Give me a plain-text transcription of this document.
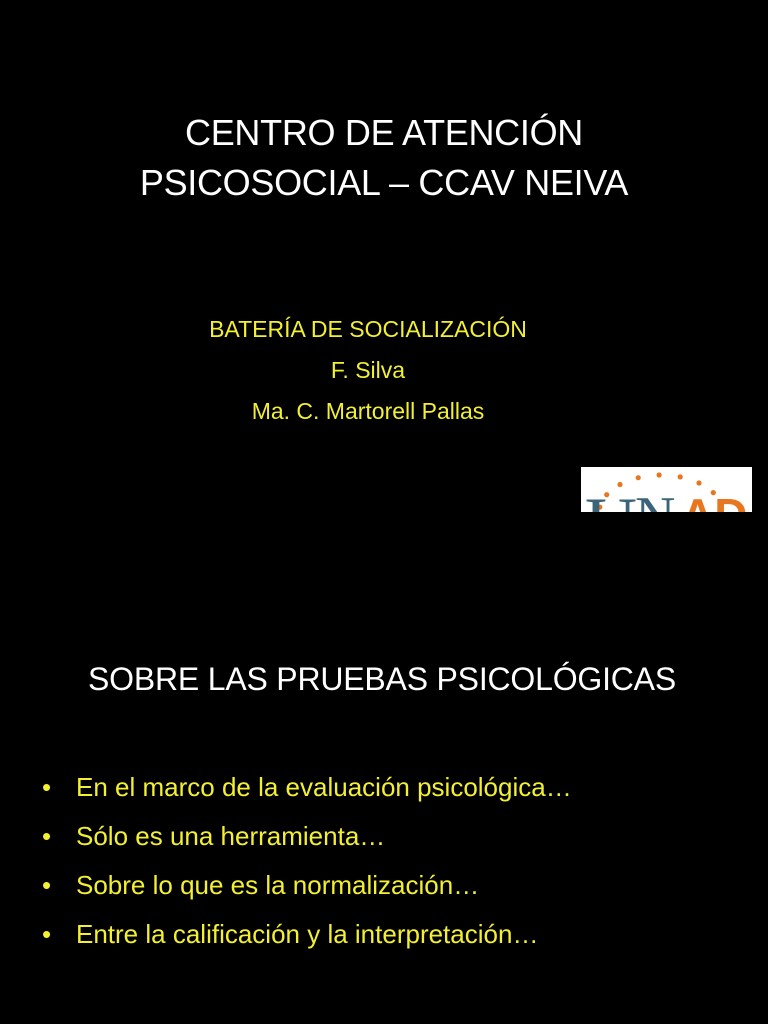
CENTRO DE ATENCIÓN
PSICOSOCIAL – CCAV NEIVA
BATERÍA DE SOCIALIZACIÓN
F. Silva
Ma. C. Martorell Pallas
SOBRE LAS PRUEBAS PSICOLÓGICAS
• En el marco de la evaluación psicológica…
• Sólo es una herramienta…
• Sobre lo que es la normalización…
• Entre la calificación y la interpretación…
